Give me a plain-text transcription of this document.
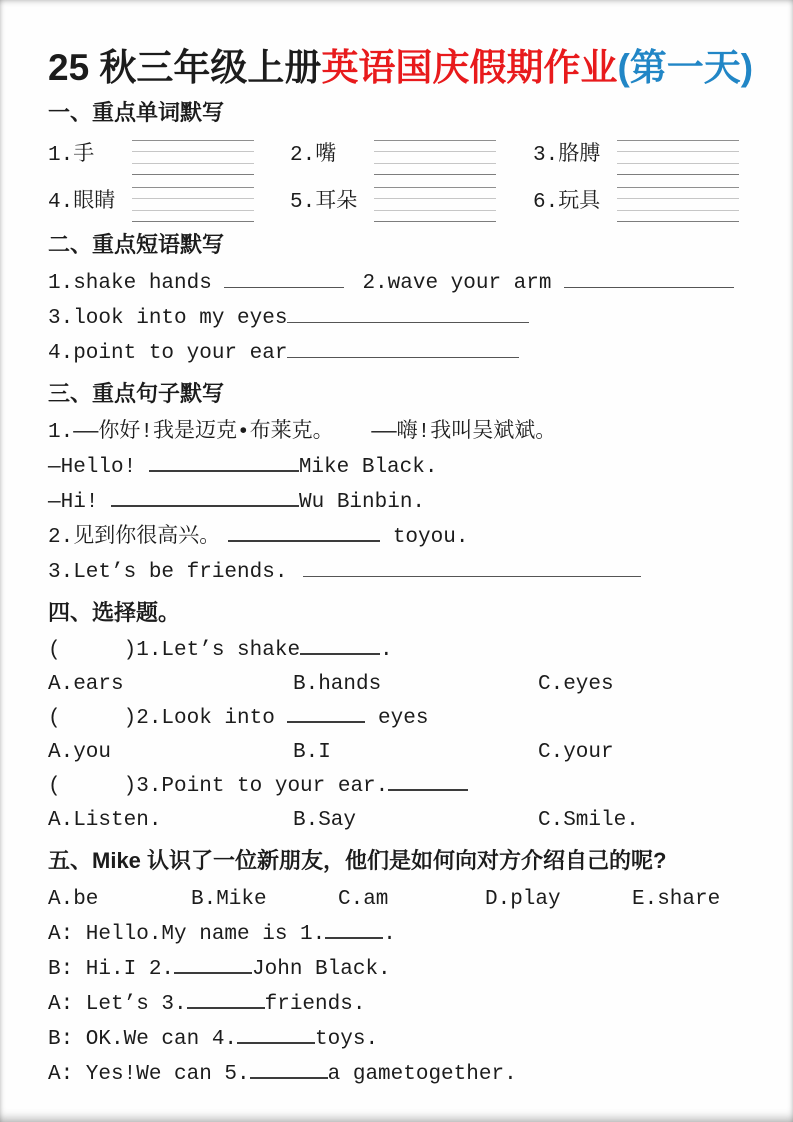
25 秋三年级上册英语国庆假期作业(第一天)
一、重点单词默写
1.手	2.嘴	3.胳膊
4.眼睛	5.耳朵	6.玩具
二、重点短语默写
1.shake hands	2.wave your arm
3.look into my eyes
4.point to your ear
三、重点句子默写
1.——你好!我是迈克•布莱克。   ——嗨!我叫吴斌斌。
—Hello!	Mike Black.
—Hi!	Wu Binbin.
2.见到你很高兴。	toyou.
3.Let’s be friends.
四、选择题。
(     )1.Let’s shake	.
A.ears	B.hands	C.eyes
(     )2.Look into	eyes
A.you	B.I	C.your
(     )3.Point to your ear.
A.Listen.	B.Say	C.Smile.
五、Mike 认识了一位新朋友，他们是如何向对方介绍自己的呢?
A.be	B.Mike	C.am	D.play	E.share
A: Hello.My name is 1.	.
B: Hi.I 2.	John Black.
A: Let’s 3.	friends.
B: OK.We can 4.	toys.
A: Yes!We can 5.	a gametogether.
